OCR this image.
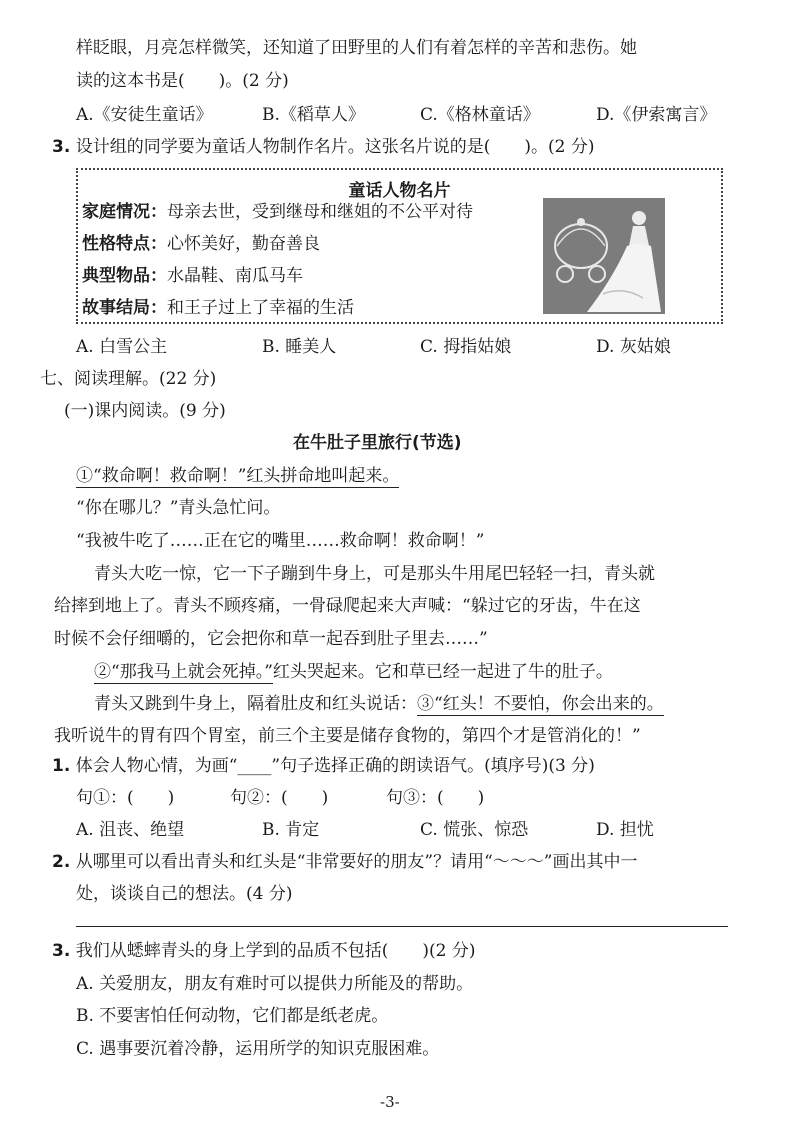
样眨眼，月亮怎样微笑，还知道了田野里的人们有着怎样的辛苦和悲伤。她
读的这本书是(　　)。(2 分)
A.《安徒生童话》	B.《稻草人》	C.《格林童话》	D.《伊索寓言》
3. 设计组的同学要为童话人物制作名片。这张名片说的是(　　)。(2 分)
童话人物名片
家庭情况：母亲去世，受到继母和继姐的不公平对待
性格特点：心怀美好，勤奋善良
典型物品：水晶鞋、南瓜马车
故事结局：和王子过上了幸福的生活
A. 白雪公主	B. 睡美人	C. 拇指姑娘	D. 灰姑娘
七、阅读理解。(22 分)
(一)课内阅读。(9 分)
在牛肚子里旅行(节选)
①“救命啊！救命啊！”红头拼命地叫起来。
“你在哪儿？”青头急忙问。
“我被牛吃了……正在它的嘴里……救命啊！救命啊！”
青头大吃一惊，它一下子蹦到牛身上，可是那头牛用尾巴轻轻一扫，青头就
给摔到地上了。青头不顾疼痛，一骨碌爬起来大声喊：“躲过它的牙齿，牛在这
时候不会仔细嚼的，它会把你和草一起吞到肚子里去……”
②“那我马上就会死掉。”红头哭起来。它和草已经一起进了牛的肚子。
青头又跳到牛身上，隔着肚皮和红头说话：③“红头！不要怕，你会出来的。
我听说牛的胃有四个胃室，前三个主要是储存食物的，第四个才是管消化的！”
1. 体会人物心情，为画“____”句子选择正确的朗读语气。(填序号)(3 分)
句①：(　　)	句②：(　　)	句③：(　　)
A. 沮丧、绝望	B. 肯定	C. 慌张、惊恐	D. 担忧
2. 从哪里可以看出青头和红头是“非常要好的朋友”？请用“～～～”画出其中一
处，谈谈自己的想法。(4 分)
3. 我们从蟋蟀青头的身上学到的品质不包括(　　)(2 分)
A. 关爱朋友，朋友有难时可以提供力所能及的帮助。
B. 不要害怕任何动物，它们都是纸老虎。
C. 遇事要沉着冷静，运用所学的知识克服困难。
-3-
